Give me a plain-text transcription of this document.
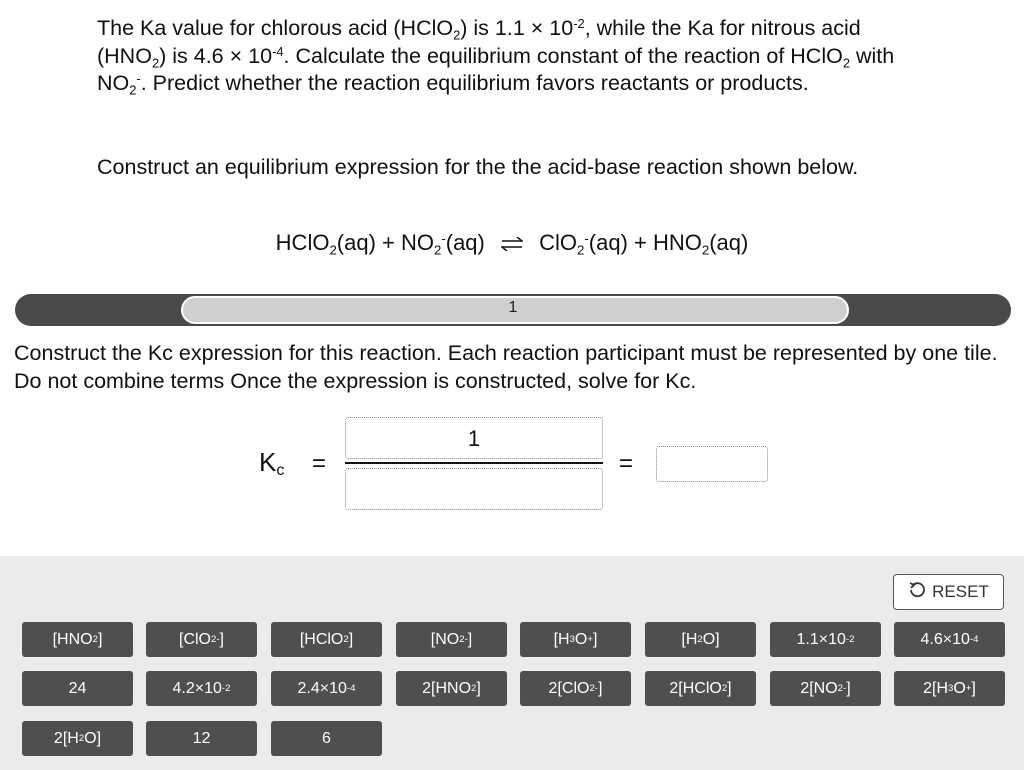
The Ka value for chlorous acid (HClO$_2$) is $1.1 \times 10^{-2}$, while the Ka for nitrous acid $(HNO_2)$ is $4.6 \times 10^{-4}$. Calculate the equilibrium constant of the reaction of HClO$_2$ with $NO_2^-$. Predict whether the reaction equilibrium favors reactants or products.

Construct an equilibrium expression for the the acid-base reaction shown below.

HClO$_2$(aq) + $NO_2^-(aq)$ ⇌ $ClO_2^-(aq) + HNO_2(aq)$
1

Construct the Kc expression for this reaction. Each reaction participant must be represented by one tile. Do not combine terms Once the expression is constructed, solve for Kc.

$K_c$ =
1
=
RESET
[HNO 2 ]	[ClO 2 - ]	[HClO 2 ]	[NO 2 - ]	[H 3 O + ]	[H 2 O ]	1.1×10 -2	4.6×10 -4
24	4.2×10 -2	2.4×10 -4	2[HNO 2 ]	2[ClO 2 - ]	2[HClO 2 ]	2[NO 2 - ]	2[H 3 O + ]
2[H 2 O ]	12	6
